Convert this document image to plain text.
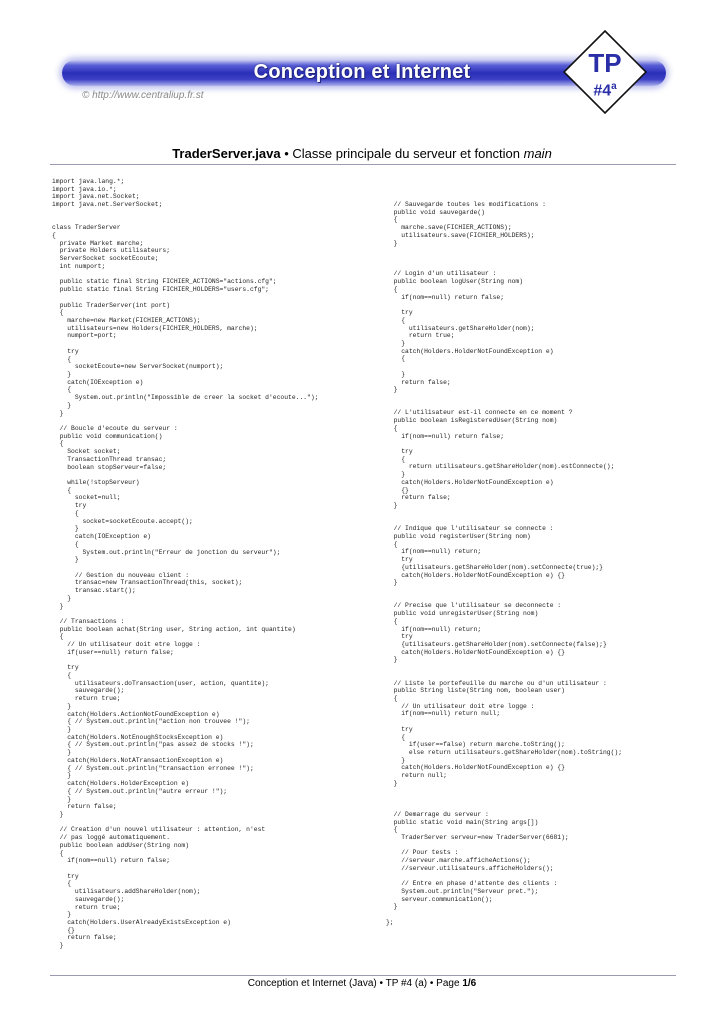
Conception et Internet	TP
#4$^a$
© http://www.centraliup.fr.st
TraderServer.java • Classe principale du serveur et fonction main
import java.lang.*;
import java.io.*;
import java.net.Socket;
import java.net.ServerSocket;

class TraderServer
{
private Market marche;
private Holders utilisateurs;
ServerSocket socketEcoute;
int numport;

public static final String FICHIER_ACTIONS="actions.cfg";
public static final String FICHIER_HOLDERS="users.cfg";

public TraderServer(int port)
{
marche=new Market(FICHIER_ACTIONS);
utilisateurs=new Holders(FICHIER_HOLDERS, marche);
numport=port;

try
{
socketEcoute=new ServerSocket(numport);
}
catch(IOException e)
{
System.out.println("Impossible de creer la socket d'ecoute...");
}
}

// Boucle d'ecoute du serveur :
public void communication()
{
Socket socket;
TransactionThread transac;
boolean stopServeur=false;

while(!stopServeur)
{
socket=null;
try
{
socket=socketEcoute.accept();
}
catch(IOException e)
{
System.out.println("Erreur de jonction du serveur");
}

// Gestion du nouveau client :
transac=new TransactionThread(this, socket);
transac.start();
}
}

// Transactions :
public boolean achat(String user, String action, int quantite)
{
// Un utilisateur doit etre logge :
if(user==null) return false;

try
{
utilisateurs.doTransaction(user, action, quantite);
sauvegarde();
return true;
}
catch(Holders.ActionNotFoundException e)
{ // System.out.println("action non trouvee !");
}
catch(Holders.NotEnoughStocksException e)
{ // System.out.println("pas assez de stocks !");
}
catch(Holders.NotATransactionException e)
{ // System.out.println("transaction erronee !");
}
catch(Holders.HolderException e)
{ // System.out.println("autre erreur !");
}
return false;
}

// Creation d'un nouvel utilisateur : attention, n'est
// pas loggé automatiquement.
public boolean addUser(String nom)
{
if(nom==null) return false;

try
{
utilisateurs.addShareHolder(nom);
sauvegarde();
return true;
}
catch(Holders.UserAlreadyExistsException e)
{}
return false;
}

// Sauvegarde toutes les modifications :
public void sauvegarde()
{
marche.save(FICHIER_ACTIONS);
utilisateurs.save(FICHIER_HOLDERS);
}

// Login d'un utilisateur :
public boolean logUser(String nom)
{
if(nom==null) return false;

try
{
utilisateurs.getShareHolder(nom);
return true;
}
catch(Holders.HolderNotFoundException e)
{

}
return false;
}

// L'utilisateur est-il connecte en ce moment ?
public boolean isRegisteredUser(String nom)
{
if(nom==null) return false;

try
{
return utilisateurs.getShareHolder(nom).estConnecte();
}
catch(Holders.HolderNotFoundException e)
{}
return false;
}

// Indique que l'utilisateur se connecte :
public void registerUser(String nom)
{
if(nom==null) return;
try
{utilisateurs.getShareHolder(nom).setConnecte(true);}
catch(Holders.HolderNotFoundException e) {}
}

// Precise que l'utilisateur se deconnecte :
public void unregisterUser(String nom)
{
if(nom==null) return;
try
{utilisateurs.getShareHolder(nom).setConnecte(false);}
catch(Holders.HolderNotFoundException e) {}
}

// Liste le portefeuille du marche ou d'un utilisateur :
public String liste(String nom, boolean user)
{
// Un utilisateur doit etre logge :
if(nom==null) return null;

try
{
if(user==false) return marche.toString();
else return utilisateurs.getShareHolder(nom).toString();
}
catch(Holders.HolderNotFoundException e) {}
return null;
}

// Demarrage du serveur :
public static void main(String args[])
{
TraderServer serveur=new TraderServer(6681);

// Pour tests :
//serveur.marche.afficheActions();
//serveur.utilisateurs.afficheHolders();

// Entre en phase d'attente des clients :
System.out.println("Serveur pret.");
serveur.communication();
}

};

Conception et Internet (Java) • TP #4 (a) • Page 1/6
